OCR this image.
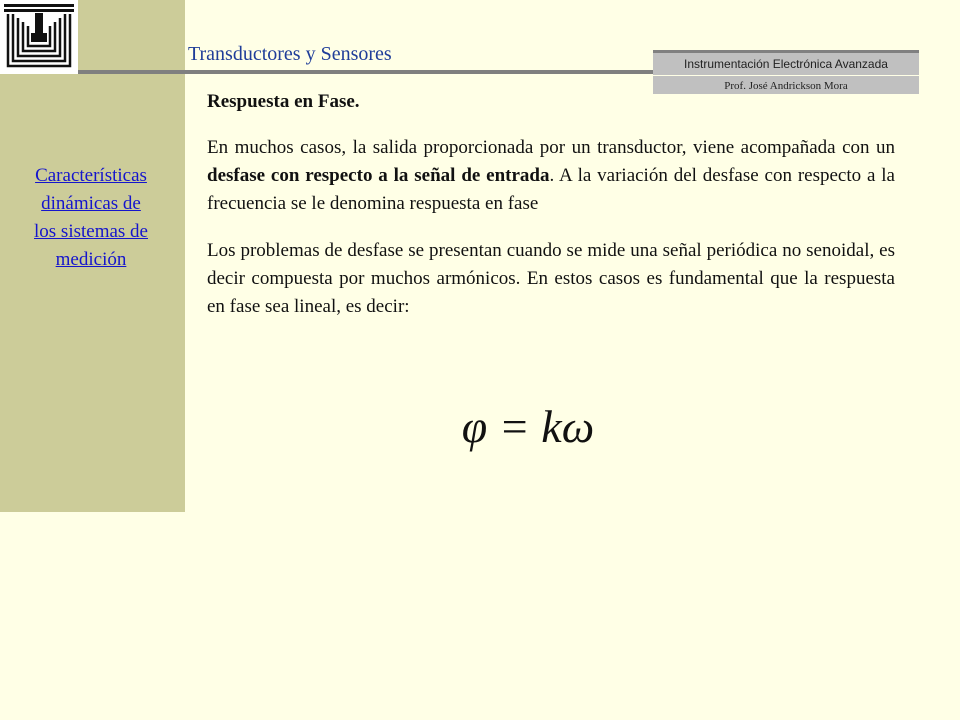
Transductores y Sensores	Instrumentación Electrónica Avanzada
Prof. José Andrickson Mora
Características
dinámicas de
los sistemas de
medición
Respuesta en Fase.
En muchos casos, la salida proporcionada por un transductor, viene acompañada con un desfase con respecto a la señal de entrada. A la variación del desfase con respecto a la frecuencia se le denomina respuesta en fase
Los problemas de desfase se presentan cuando se mide una señal periódica no senoidal, es decir compuesta por muchos armónicos. En estos casos es fundamental que la respuesta en fase sea lineal, es decir:
φ = kω
